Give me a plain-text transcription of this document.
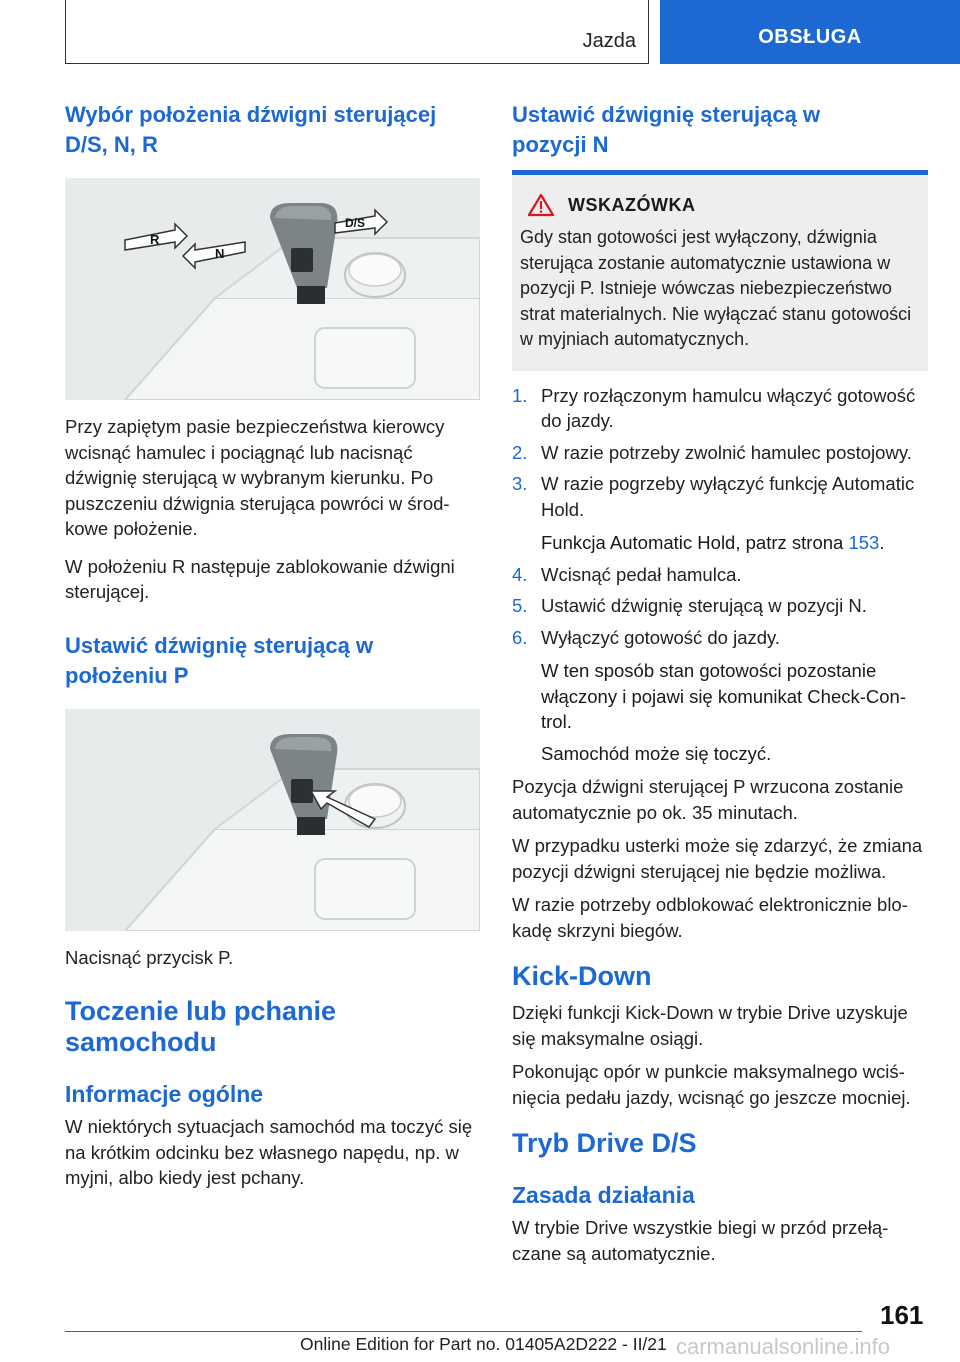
Jazda	OBSŁUGA
Wybór położenia dźwigni sterującej D/S, N, R
R
N
D/S

Przy zapiętym pasie bezpieczeństwa kierowcy wcisnąć hamulec i pociągnąć lub nacisnąć dźwignię sterującą w wybranym kierunku. Po puszczeniu dźwignia sterująca powróci w środkowe położenie.

W położeniu R następuje zablokowanie dźwigni sterującej.

Ustawić dźwignię sterującą w położeniu P

Nacisnąć przycisk P.

Toczenie lub pchanie samochodu
Informacje ogólne

W niektórych sytuacjach samochód ma toczyć się na krótkim odcinku bez własnego napędu, np. w myjni, albo kiedy jest pchany.

Ustawić dźwignię sterującą w pozycji N
WSKAZÓWKA

Gdy stan gotowości jest wyłączony, dźwignia sterująca zostanie automatycznie ustawiona w pozycji P. Istnieje wówczas niebezpieczeństwo strat materialnych. Nie wyłączać stanu gotowości w myjniach automatycznych.

1. Przy rozłączonym hamulcu włączyć gotowość do jazdy.
2. W razie potrzeby zwolnić hamulec postojowy.
3. W razie pogrzeby wyłączyć funkcję Automatic Hold.
Funkcja Automatic Hold, patrz strona 153.
4. Wcisnąć pedał hamulca.
5. Ustawić dźwignię sterującą w pozycji N.
6. Wyłączyć gotowość do jazdy.
W ten sposób stan gotowości pozostanie włączony i pojawi się komunikat Check-Control.
Samochód może się toczyć.

Pozycja dźwigni sterującej P wrzucona zostanie automatycznie po ok. 35 minutach.

W przypadku usterki może się zdarzyć, że zmiana pozycji dźwigni sterującej nie będzie możliwa.

W razie potrzeby odblokować elektronicznie blokadę skrzyni biegów.

Kick-Down

Dzięki funkcji Kick-Down w trybie Drive uzyskuje się maksymalne osiągi.

Pokonując opór w punkcie maksymalnego wciśnięcia pedału jazdy, wcisnąć go jeszcze mocniej.

Tryb Drive D/S
Zasada działania

W trybie Drive wszystkie biegi w przód przełączane są automatycznie.

161
Online Edition for Part no. 01405A2D222 - II/21 carmanualsonline.info
